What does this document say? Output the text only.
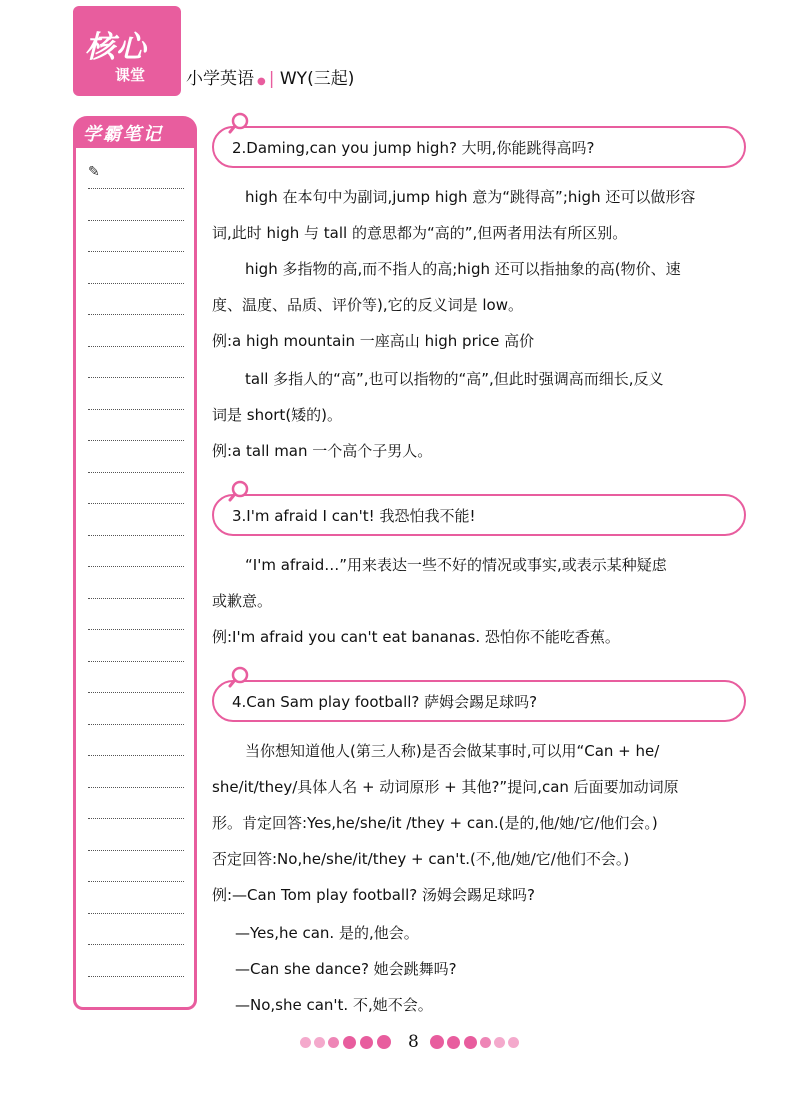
核心
课堂 小学英语 ● | WY(三起)
学霸笔记
✎
2.Daming,can you jump high? 大明,你能跳得高吗?
high 在本句中为副词,jump high 意为“跳得高”;high 还可以做形容
词,此时 high 与 tall 的意思都为“高的”,但两者用法有所区别。
high 多指物的高,而不指人的高;high 还可以指抽象的高(物价、速
度、温度、品质、评价等),它的反义词是 low。
例:a high mountain 一座高山 high price 高价
tall 多指人的“高”,也可以指物的“高”,但此时强调高而细长,反义
词是 short(矮的)。
例:a tall man 一个高个子男人。
3.I'm afraid I can't! 我恐怕我不能!
“I'm afraid…”用来表达一些不好的情况或事实,或表示某种疑虑
或歉意。
例:I'm afraid you can't eat bananas. 恐怕你不能吃香蕉。
4.Can Sam play football? 萨姆会踢足球吗?
当你想知道他人(第三人称)是否会做某事时,可以用“Can + he/
she/it/they/具体人名 + 动词原形 + 其他?”提问,can 后面要加动词原
形。肯定回答:Yes,he/she/it /they + can.(是的,他/她/它/他们会。)
否定回答:No,he/she/it/they + can't.(不,他/她/它/他们不会。)
例:—Can Tom play football? 汤姆会踢足球吗?
—Yes,he can. 是的,他会。
—Can she dance? 她会跳舞吗?
—No,she can't. 不,她不会。
8
